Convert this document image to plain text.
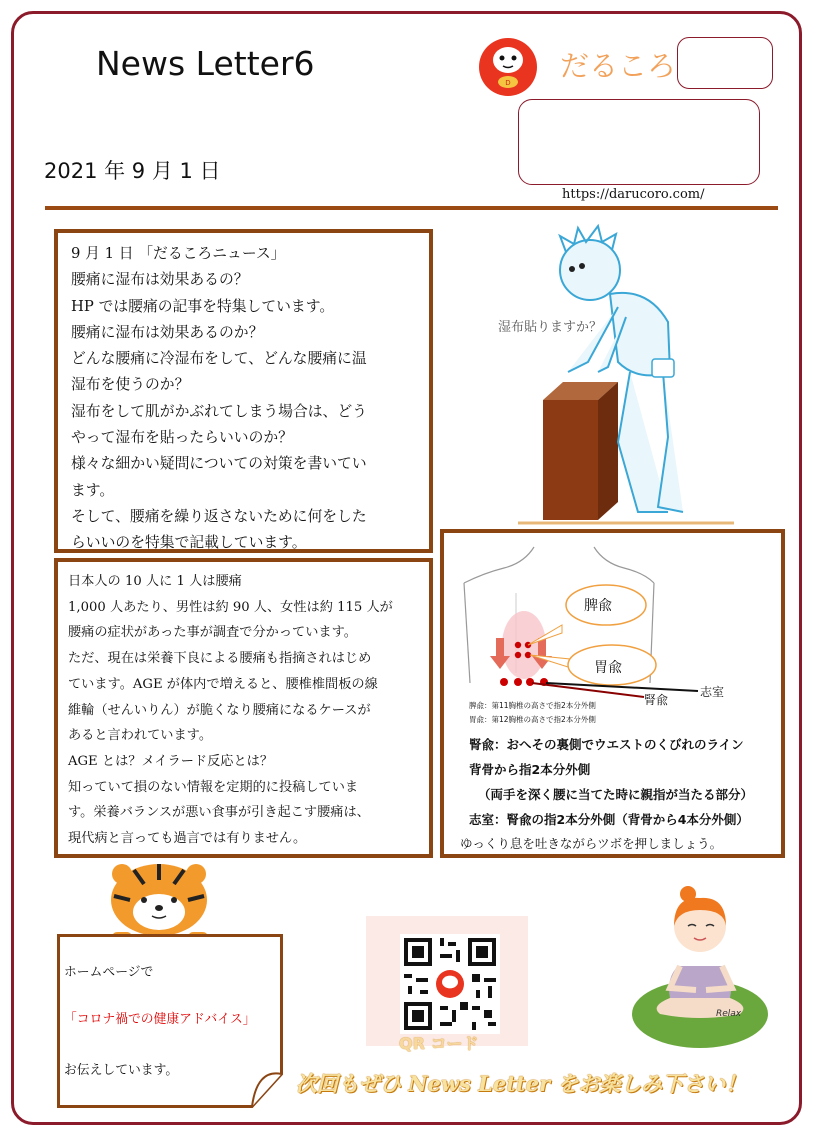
News Letter6
2021 年 9 月 1 日
D だるころ
https://darucoro.com/
9 月 1 日 「だるころニュース」
腰痛に湿布は効果あるの？
HP では腰痛の記事を特集しています。
腰痛に湿布は効果あるのか？
どんな腰痛に冷湿布をして、どんな腰痛に温
湿布を使うのか？
湿布をして肌がかぶれてしまう場合は、どう
やって湿布を貼ったらいいのか？
様々な細かい疑問についての対策を書いてい
ます。
そして、腰痛を繰り返さないために何をした
らいいのを特集で記載しています。
湿布貼りますか？
日本人の 10 人に 1 人は腰痛
1,000 人あたり、男性は約 90 人、女性は約 115 人が
腰痛の症状があった事が調査で分かっています。
ただ、現在は栄養下良による腰痛も指摘されはじめ
ています。AGE が体内で増えると、腰椎椎間板の線
維輪（せんいりん）が脆くなり腰痛になるケースが
あると言われています。
AGE とは？メイラード反応とは？
知っていて損のない情報を定期的に投稿していま
す。栄養バランスが悪い食事が引き起こす腰痛は、
現代病と言っても過言では有りません。
脾兪
胃兪
腎兪
志室
脾兪：第11胸椎の高さで指2本分外側
胃兪：第12胸椎の高さで指2本分外側
腎兪：おへその裏側でウエストのくびれのライン
背骨から指2本分外側
（両手を深く腰に当てた時に親指が当たる部分）
志室：腎兪の指2本分外側（背骨から4本分外側）
ゆっくり息を吐きながらツボを押しましょう。
ホームページで
「コロナ禍での健康アドバイス」
お伝えしています。
QR コード
Relax
次回もぜひ News Letter をお楽しみ下さい！
